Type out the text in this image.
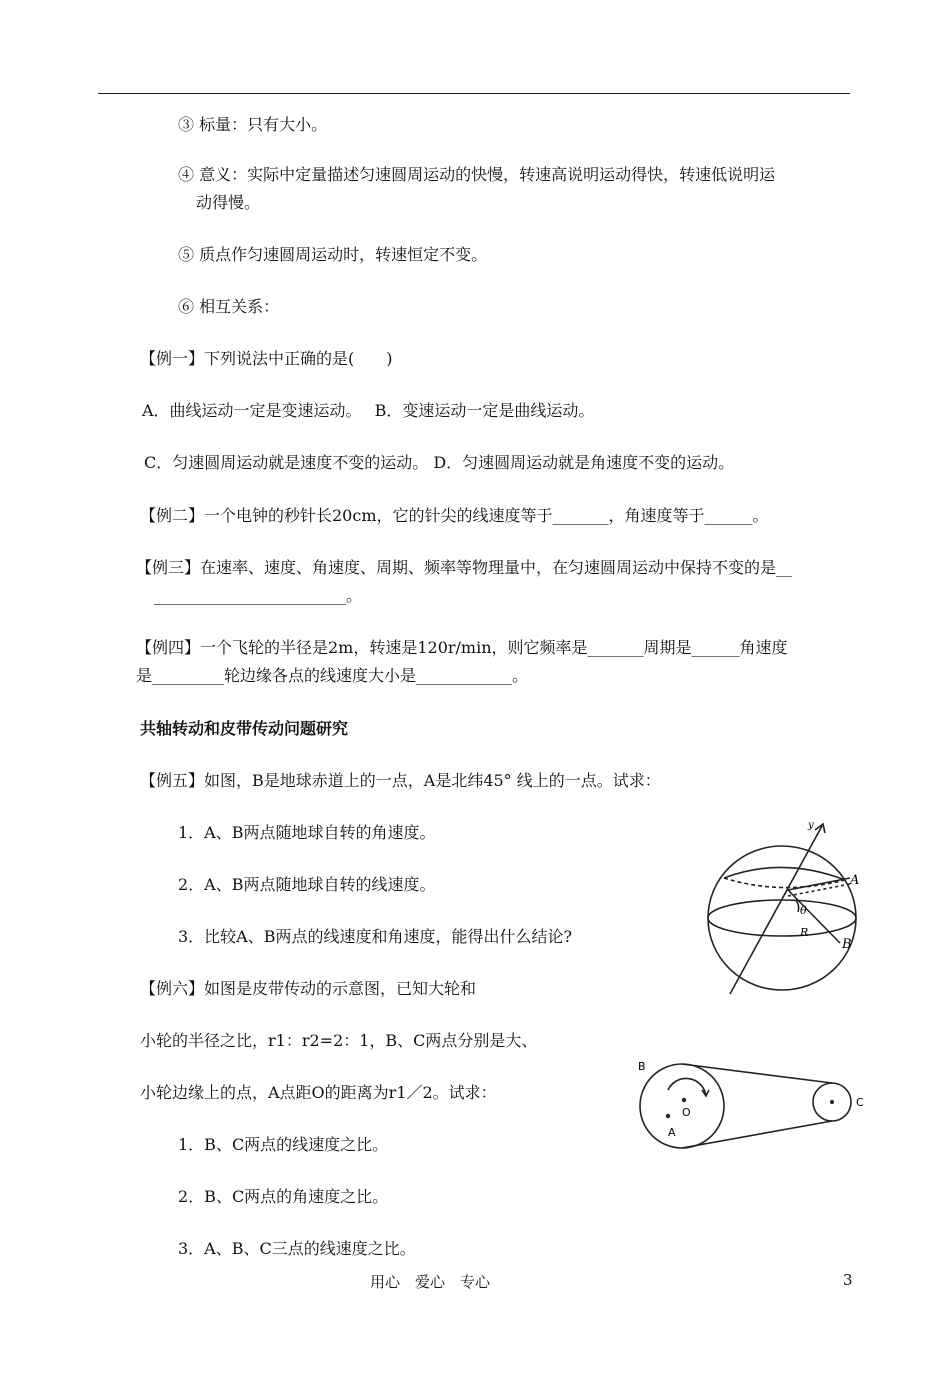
③ 标量：只有大小。
④ 意义：实际中定量描述匀速圆周运动的快慢，转速高说明运动得快，转速低说明运
动得慢。
⑤ 质点作匀速圆周运动时，转速恒定不变。
⑥ 相互关系：
【例一】下列说法中正确的是(　　)
A．曲线运动一定是变速运动。　 B．变速运动一定是曲线运动。
C．匀速圆周运动就是速度不变的运动。 D．匀速圆周运动就是角速度不变的运动。
【例二】一个电钟的秒针长20cm，它的针尖的线速度等于_______，角速度等于______。
【例三】在速率、速度、角速度、周期、频率等物理量中，在匀速圆周运动中保持不变的是__
________________________。
【例四】一个飞轮的半径是2m，转速是120r/min，则它频率是_______周期是______角速度
是_________轮边缘各点的线速度大小是____________。
共轴转动和皮带传动问题研究
【例五】如图，B是地球赤道上的一点，A是北纬45° 线上的一点。试求：
1．A、B两点随地球自转的角速度。
2．A、B两点随地球自转的线速度。
3．比较A、B两点的线速度和角速度，能得出什么结论?
【例六】如图是皮带传动的示意图，已知大轮和
小轮的半径之比，r1：r2=2：1，B、C两点分别是大、
小轮边缘上的点，A点距O的距离为r1／2。试求：
1．B、C两点的线速度之比。
2．B、C两点的角速度之比。
3．A、B、C三点的线速度之比。
A
B
θ
R
y
B
O
A
C
用心　爱心　专心	3
